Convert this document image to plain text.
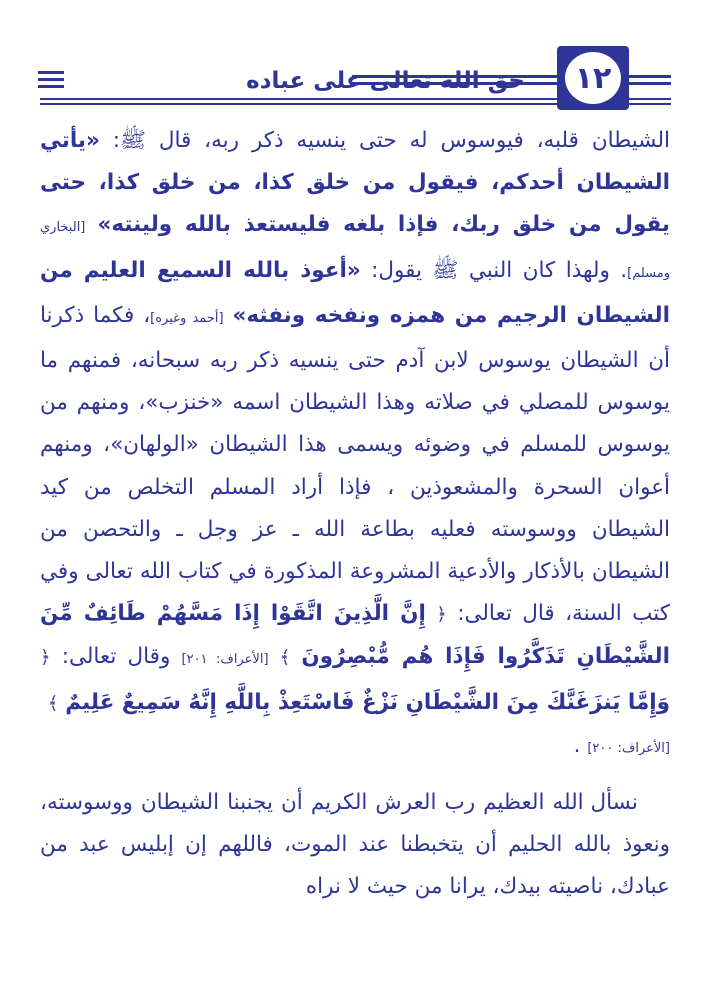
حق الله تعالى على عباده	١٢
الشيطان قلبه، فيوسوس له حتى ينسيه ذكر ربه، قال ﷺ: «يأتي الشيطان أحدكم، فيقول من خلق كذا، من خلق كذا، حتى يقول من خلق ربك، فإذا بلغه فليستعذ بالله ولينته» [البخاري ومسلم]. ولهذا كان النبي ﷺ يقول: «أعوذ بالله السميع العليم من الشيطان الرجيم من همزه ونفخه ونفثه» [أحمد وغيره]، فكما ذكرنا أن الشيطان يوسوس لابن آدم حتى ينسيه ذكر ربه سبحانه، فمنهم ما يوسوس للمصلي في صلاته وهذا الشيطان اسمه «خنزب»، ومنهم من يوسوس للمسلم في وضوئه ويسمى هذا الشيطان «الولهان»، ومنهم أعوان السحرة والمشعوذين ، فإذا أراد المسلم التخلص من كيد الشيطان ووسوسته فعليه بطاعة الله ـ عز وجل ـ والتحصن من الشيطان بالأذكار والأدعية المشروعة المذكورة في كتاب الله تعالى وفي كتب السنة، قال تعالى: ﴿ إِنَّ الَّذِينَ اتَّقَوْا إِذَا مَسَّهُمْ طَائِفٌ مِّنَ الشَّيْطَانِ تَذَكَّرُوا فَإِذَا هُم مُّبْصِرُونَ ﴾ [الأعراف: ٢٠١] وقال تعالى: ﴿ وَإِمَّا يَنزَغَنَّكَ مِنَ الشَّيْطَانِ نَزْغٌ فَاسْتَعِذْ بِاللَّهِ إِنَّهُ سَمِيعٌ عَلِيمٌ ﴾
[الأعراف: ٢٠٠] .
نسأل الله العظيم رب العرش الكريم أن يجنبنا الشيطان ووسوسته، ونعوذ بالله الحليم أن يتخبطنا عند الموت، فاللهم إن إبليس عبد من عبادك، ناصيته بيدك، يرانا من حيث لا نراه
